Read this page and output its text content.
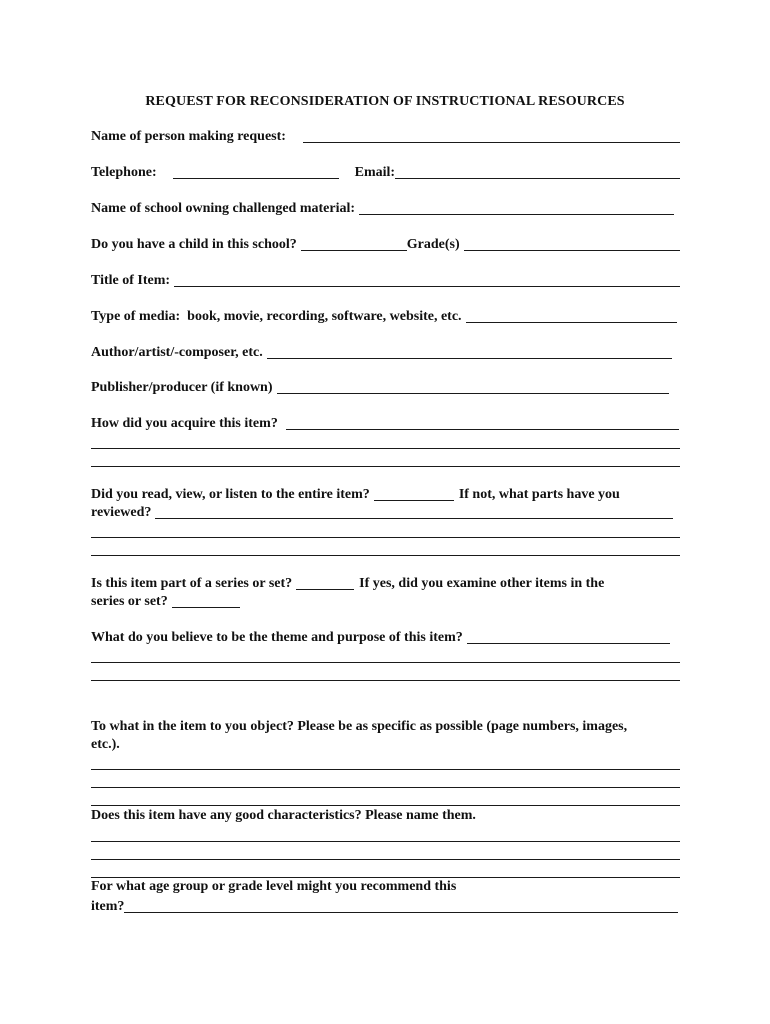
REQUEST FOR RECONSIDERATION OF INSTRUCTIONAL RESOURCES
Name of person making request:
Telephone:	Email:
Name of school owning challenged material:
Do you have a child in this school?	Grade(s)
Title of Item:
Type of media:  book, movie, recording, software, website, etc.
Author/artist/-composer, etc.
Publisher/producer (if known)
How did you acquire this item?
Did you read, view, or listen to the entire item?	If not, what parts have you
reviewed?
Is this item part of a series or set?	If yes, did you examine other items in the
series or set?
What do you believe to be the theme and purpose of this item?
To what in the item to you object? Please be as specific as possible (page numbers, images,
etc.).
Does this item have any good characteristics? Please name them.
For what age group or grade level might you recommend this
item?
